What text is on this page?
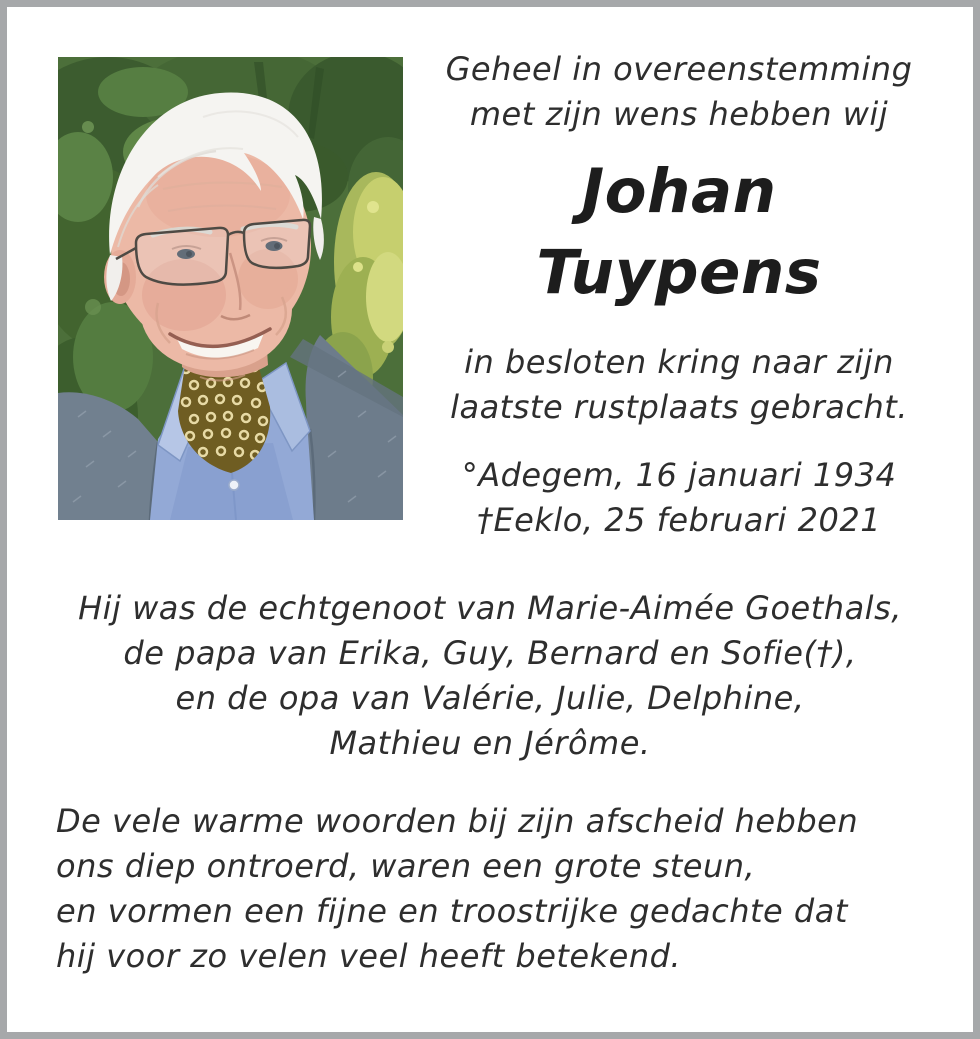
Geheel in overeenstemming
met zijn wens hebben wij
Johan
Tuypens
in besloten kring naar zijn
laatste rustplaats gebracht.
°Adegem, 16 januari 1934
†Eeklo, 25 februari 2021
Hij was de echtgenoot van Marie-Aimée Goethals,
de papa van Erika, Guy, Bernard en Sofie(†),
en de opa van Valérie, Julie, Delphine,
Mathieu en Jérôme.
De vele warme woorden bij zijn afscheid hebben
ons diep ontroerd, waren een grote steun,
en vormen een fijne en troostrijke gedachte dat
hij voor zo velen veel heeft betekend.
